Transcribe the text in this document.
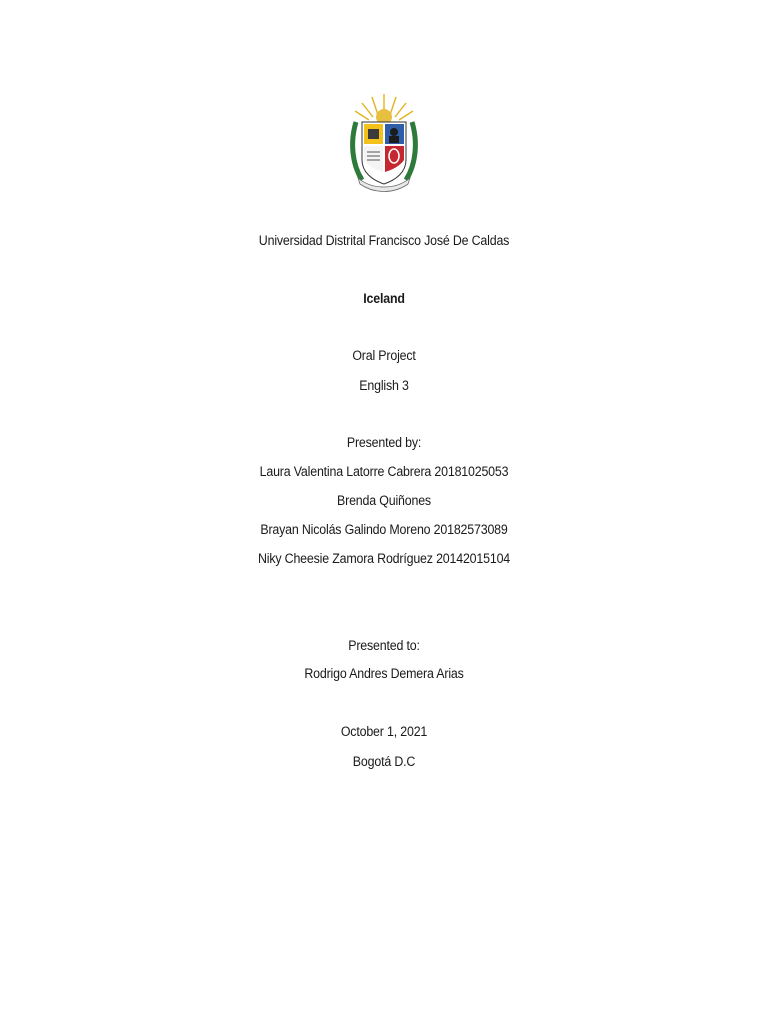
Universidad Distrital Francisco José De Caldas
Iceland
Oral Project
English 3
Presented by:
Laura Valentina Latorre Cabrera 20181025053
Brenda Quiñones
Brayan Nicolás Galindo Moreno 20182573089
Niky Cheesie Zamora Rodríguez 20142015104
Presented to:
Rodrigo Andres Demera Arias
October 1, 2021
Bogotá D.C
